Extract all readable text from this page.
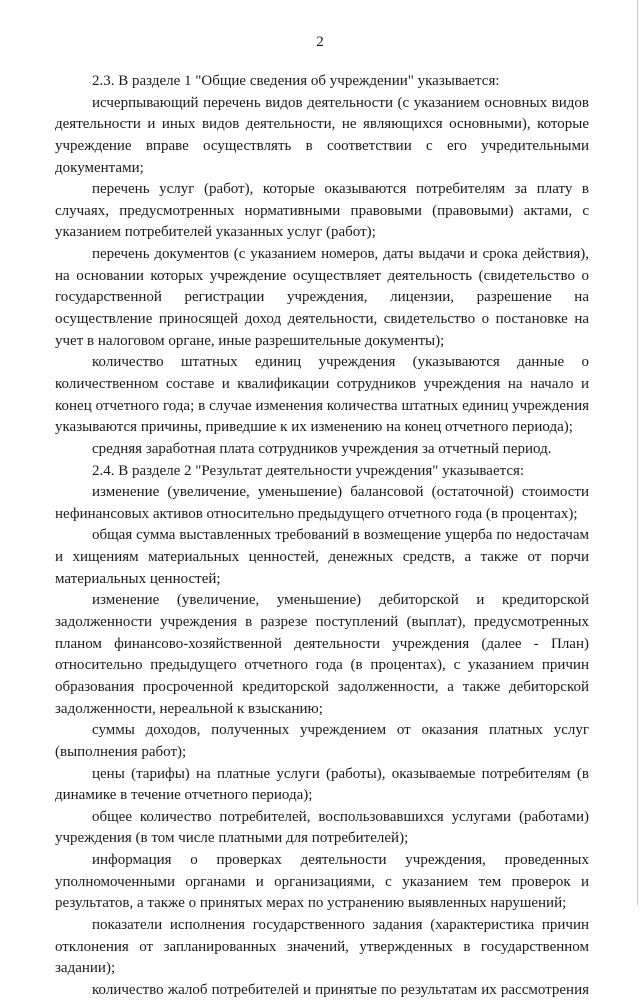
2
2.3. В разделе 1 "Общие сведения об учреждении" указывается:
исчерпывающий перечень видов деятельности (с указанием основных видов
деятельности и иных видов деятельности, не являющихся основными), которые
учреждение вправе осуществлять в соответствии с его учредительными
документами;
перечень услуг (работ), которые оказываются потребителям за плату в
случаях, предусмотренных нормативными правовыми (правовыми) актами, с
указанием потребителей указанных услуг (работ);
перечень документов (с указанием номеров, даты выдачи и срока действия),
на основании которых учреждение осуществляет деятельность (свидетельство о
государственной регистрации учреждения, лицензии, разрешение на
осуществление приносящей доход деятельности, свидетельство о постановке на
учет в налоговом органе, иные разрешительные документы);
количество штатных единиц учреждения (указываются данные о
количественном составе и квалификации сотрудников учреждения на начало и
конец отчетного года; в случае изменения количества штатных единиц учреждения
указываются причины, приведшие к их изменению на конец отчетного периода);
средняя заработная плата сотрудников учреждения за отчетный период.
2.4. В разделе 2 "Результат деятельности учреждения" указывается:
изменение (увеличение, уменьшение) балансовой (остаточной) стоимости
нефинансовых активов относительно предыдущего отчетного года (в процентах);
общая сумма выставленных требований в возмещение ущерба по недостачам
и хищениям материальных ценностей, денежных средств, а также от порчи
материальных ценностей;
изменение (увеличение, уменьшение) дебиторской и кредиторской
задолженности учреждения в разрезе поступлений (выплат), предусмотренных
планом финансово-хозяйственной деятельности учреждения (далее - План)
относительно предыдущего отчетного года (в процентах), с указанием причин
образования просроченной кредиторской задолженности, а также дебиторской
задолженности, нереальной к взысканию;
суммы доходов, полученных учреждением от оказания платных услуг
(выполнения работ);
цены (тарифы) на платные услуги (работы), оказываемые потребителям (в
динамике в течение отчетного периода);
общее количество потребителей, воспользовавшихся услугами (работами)
учреждения (в том числе платными для потребителей);
информация о проверках деятельности учреждения, проведенных
уполномоченными органами и организациями, с указанием тем проверок и
результатов, а также о принятых мерах по устранению выявленных нарушений;
показатели исполнения государственного задания (характеристика причин
отклонения от запланированных значений, утвержденных в государственном
задании);
количество жалоб потребителей и принятые по результатам их рассмотрения
